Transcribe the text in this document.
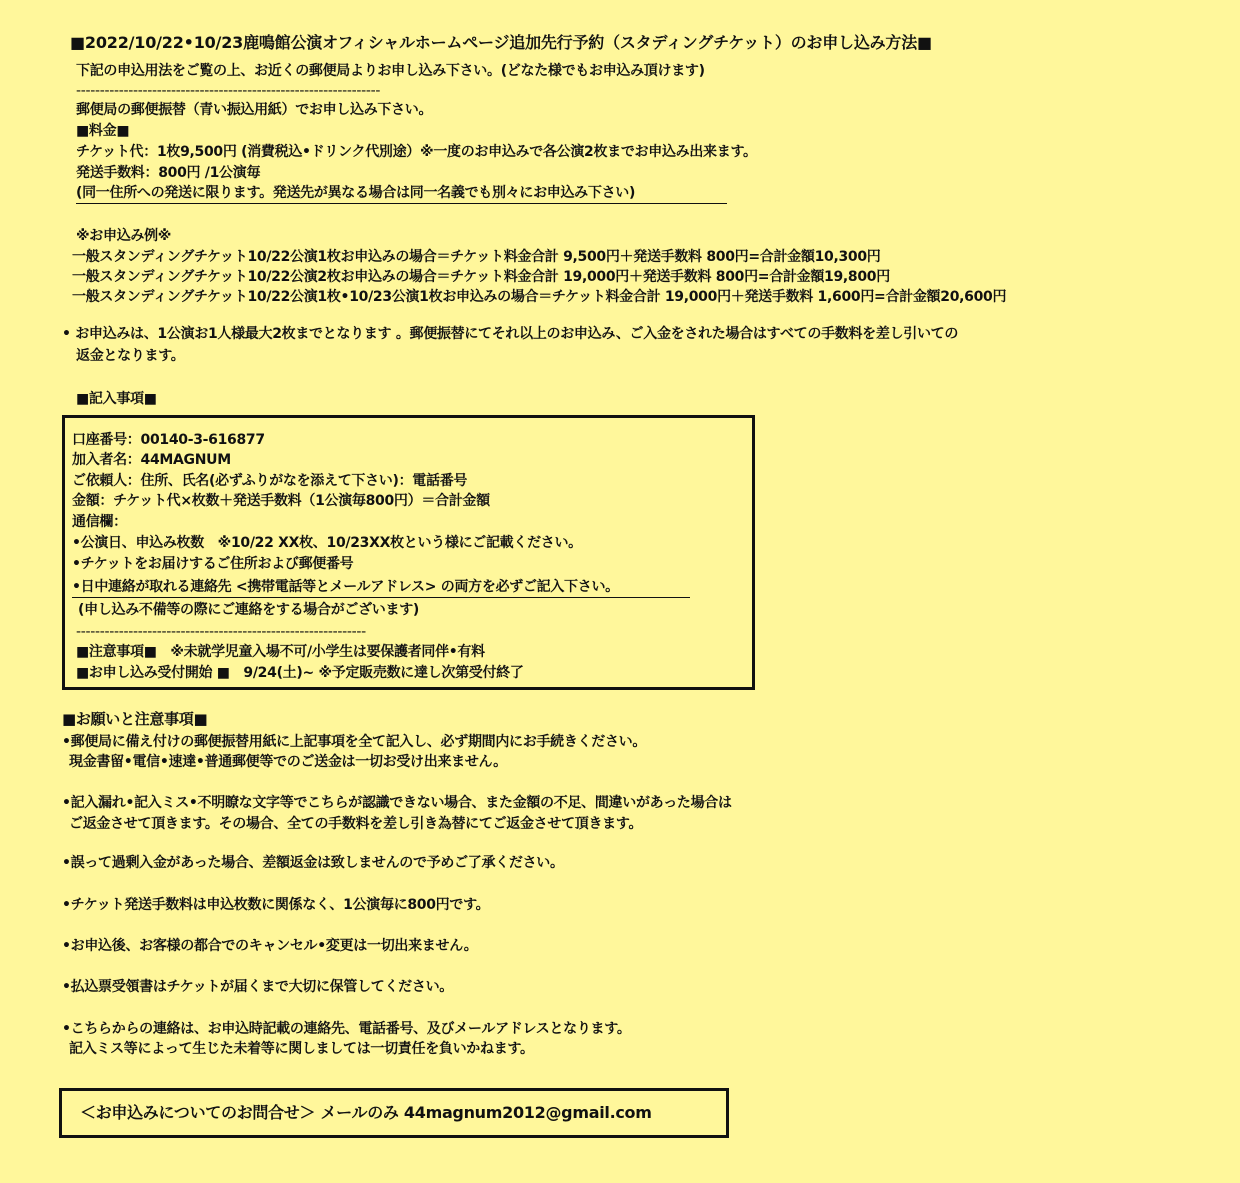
■2022/10/22•10/23鹿鳴館公演オフィシャルホームページ追加先行予約（スタディングチケット）のお申し込み方法■
下記の申込用法をご覧の上、お近くの郵便局よりお申し込み下さい。(どなた様でもお申込み頂けます)
----------------------------------------------------------------
郵便局の郵便振替（青い振込用紙）でお申し込み下さい。
■料金■
チケット代：1枚9,500円 (消費税込•ドリンク代別途）※一度のお申込みで各公演2枚までお申込み出来ます。
発送手数料：800円 /1公演毎
(同一住所への発送に限ります。発送先が異なる場合は同一名義でも別々にお申込み下さい)
※お申込み例※
一般スタンディングチケット10/22公演1枚お申込みの場合＝チケット料金合計 9,500円＋発送手数料 800円=合計金額10,300円
一般スタンディングチケット10/22公演2枚お申込みの場合＝チケット料金合計 19,000円＋発送手数料 800円=合計金額19,800円
一般スタンディングチケット10/22公演1枚•10/23公演1枚お申込みの場合＝チケット料金合計 19,000円＋発送手数料 1,600円=合計金額20,600円
• お申込みは、1公演お1人様最大2枚までとなります 。郵便振替にてそれ以上のお申込み、ご入金をされた場合はすべての手数料を差し引いての
返金となります。
■記入事項■
口座番号：00140-3-616877
加入者名：44MAGNUM
ご依頼人：住所、氏名(必ずふりがなを添えて下さい)：電話番号
金額：チケット代×枚数＋発送手数料（1公演毎800円）＝合計金額
通信欄：
•公演日、申込み枚数　※10/22 XX枚、10/23XX枚という様にご記載ください。
•チケットをお届けするご住所および郵便番号
•日中連絡が取れる連絡先 <携帯電話等とメールアドレス> の両方を必ずご記入下さい。
(申し込み不備等の際にご連絡をする場合がございます)
-------------------------------------------------------------
■注意事項■　※未就学児童入場不可/小学生は要保護者同伴•有料
■お申し込み受付開始 ■　9/24(土)~ ※予定販売数に達し次第受付終了
■お願いと注意事項■
•郵便局に備え付けの郵便振替用紙に上記事項を全て記入し、必ず期間内にお手続きください。
現金書留•電信•速達•普通郵便等でのご送金は一切お受け出来ません。
•記入漏れ•記入ミス•不明瞭な文字等でこちらが認識できない場合、また金額の不足、間違いがあった場合は
ご返金させて頂きます。その場合、全ての手数料を差し引き為替にてご返金させて頂きます。
•誤って過剰入金があった場合、差額返金は致しませんので予めご了承ください。
•チケット発送手数料は申込枚数に関係なく、1公演毎に800円です。
•お申込後、お客様の都合でのキャンセル•変更は一切出来ません。
•払込票受領書はチケットが届くまで大切に保管してください。
•こちらからの連絡は、お申込時記載の連絡先、電話番号、及びメールアドレスとなります。
記入ミス等によって生じた未着等に関しましては一切責任を負いかねます。
＜お申込みについてのお問合せ＞ メールのみ 44magnum2012@gmail.com
